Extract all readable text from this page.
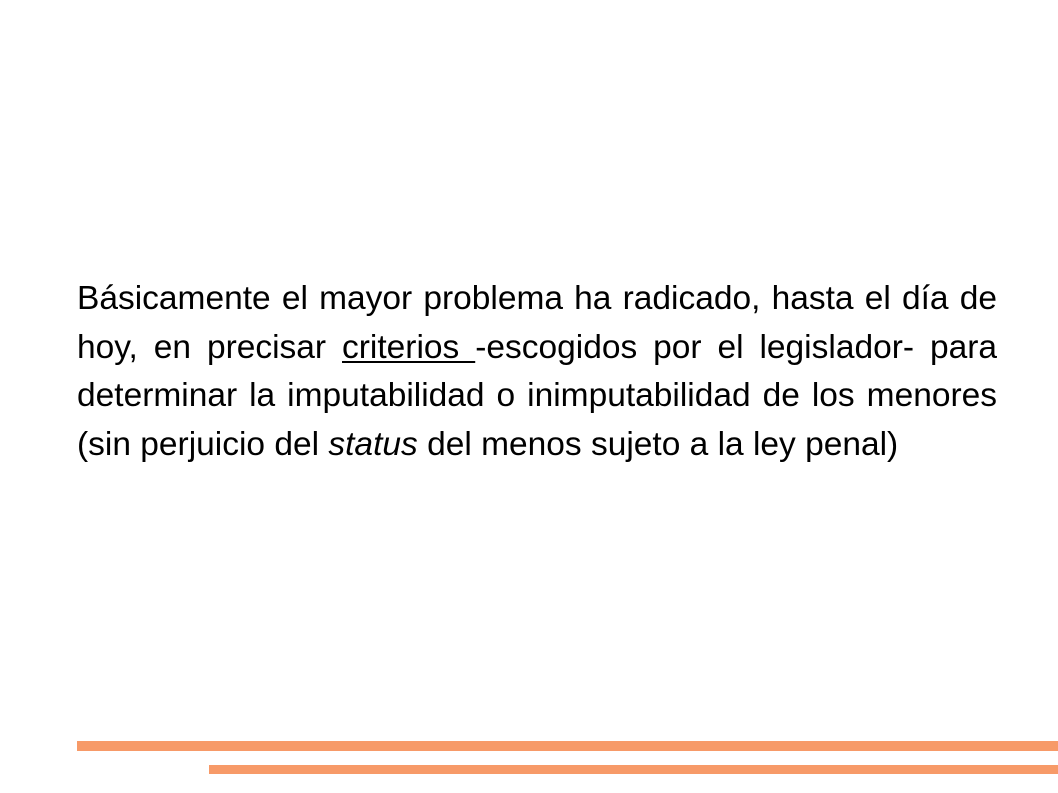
Básicamente el mayor problema ha radicado, hasta el día de hoy, en precisar criterios -escogidos por el legislador- para determinar la imputabilidad o inimputabilidad de los menores (sin perjuicio del status del menos sujeto a la ley penal)
